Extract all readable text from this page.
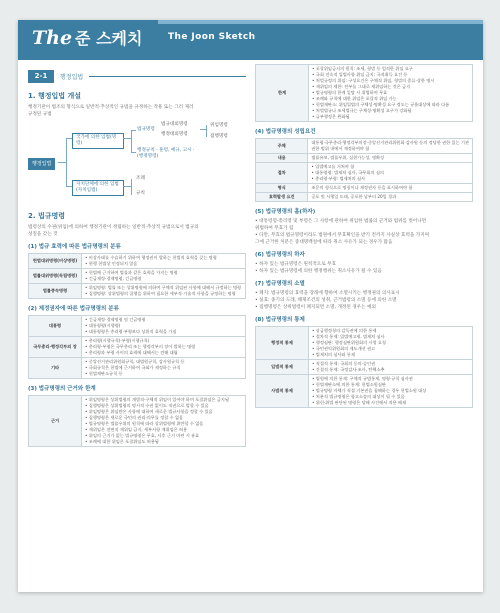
The 준 스케치	The Joon Sketch
2-1	행정입법
1. 행정입법 개설
행정기관이 법조의 형식으로 일반적·추상적인 규범을 규정하는 작용 또는 그러 제러
규정된 규범
행정입법
국가에 의한 입법(명령)
자치단체에 의한 입법(자치입법)
법규명령
행정규칙 · 훈령, 예규, 고시 · (행정명령)
법규대외명령
행정대외명령
위임명령
집행명령
조례
규칙
2. 법규명령
법령상의 수권(위임)에 의하여 행정기관이 정립하는 일반적·추상적 규범으로서 법규의
성질을 갖는 것
(1) 법규 효력에 따른 법규명령의 분류
헌법대위명령(비상명령)	• 비상사태를 수습하기 위하여 행정권이 발하는 헌법적 효력을 갖는 명령
• 현행 헌법상 인정되지 않음

법률대위명령(독립명령)	• 헌법에 근거하여 법률과 같은 효력을 가지는 명령
• 긴급재정·경제명령, 긴급명령

법률종속명령	• 위임명령: 법률 또는 상위명령에 의하여 구체적 위임된 사항에 대해서 규정하는 명령
• 집행명령: 상위법령의 집행을 위하여 필요한 세부적·기술적 사항을 규정하는 명령
(2) 제정권자에 따른 법규명령의 분류
대통령	• 긴급재정·경제명령 및 긴급명령
• 대통령령(시행령)
• 대통령령은 총리령·부령보다 상위적 효력을 가짐

국무총리·행정각부의 장	• 총리령(시행규칙)·부령(시행규칙)
• 총리령·부령은 국무총리 또는 행정각부의 장이 발하는 명령
• 총리령과 부령 사이의 효력에 대해서는 견해 대립

기타	• 중앙선거관리위원회규칙, 대법원규칙, 감사원규칙 등
• 국회규칙은 헌법에 근거하여 국회가 제정하는 규칙
• 헌법재판소규칙 등
(3) 법규명령의 근거와 한계
근거	
• 위임명령은 상위법령의 개별적·구체적 위임이 있어야 하며 포괄위임은 금지됨
• 집행명령은 상위법령의 명시적 수권 없이도 직권으로 발할 수 있음
• 위임명령은 위임받은 사항에 대하여 새로운 법규사항을 정할 수 있음
• 집행명령은 새로운 국민의 권리·의무를 정할 수 없음
• 법규명령은 법률우위의 원칙에 따라 상위법령에 위반할 수 없음
• 재위임은 전면적 재위임 금지, 세부사항 재위임은 허용
• 위임의 근거가 없는 법규명령은 무효, 사후 근거 마련 시 유효
• 조례에 대한 위임은 포괄위임도 허용됨
한계	
• 포괄위임금지의 원칙: 조세, 형벌 등 엄격한 위임 요구
• 국회 전속적 입법사항 위임 금지: 국적취득 요건 등
• 처벌규정의 위임: 구성요건은 구체적 위임, 형벌의 종류·상한 명시
• 재위임의 제한: 전부를 그대로 재위임하는 것은 금지
• 법규명령의 한계 일탈 시 위법하여 무효
• 조례와 규칙에 대한 위임은 포괄적 위임 가능
• 헌법재판소: 위임입법의 구체성·명확성 요구 정도는 규율대상에 따라 다름
• 처벌법규나 조세법규는 구체성·명확성 요구가 강화됨
• 급부행정은 완화됨
(4) 법규명령의 성립요건
주체	대통령·국무총리·행정각부의장·중앙선거관리위원회·감사원 등의 정당한 권한 있는 기관
권한 범위 내에서 제정하여야 함

내용	법률유보, 법률우위, 실현가능성, 명확성

절차	• 입법예고를 거쳐야 함
• 대통령령: 법제처 심사, 국무회의 심의
• 총리령·부령: 법제처의 심사

형식	조문의 형식으로 명칭이나 제정권자 등을 표시하여야 함

효력발생 요건	공포 및 시행일 도래, 공포한 날부터 20일 경과
(5) 법규명령의 흠(하자)
• 대통령령·총리령 및 부령은 그 사항에 관하여 위임한 법률의 근거와 범위를 벗어나면
위법하여 무효가 됨
• 다만, 무효의 법규명령이라도 법원에서 무효확인을 받기 전까지 사실상 효력을 가지며
그에 근거한 처분은 중대명백설에 따라 취소 사유가 되는 경우가 많음
(6) 법규명령의 하자
• 하자 있는 법규명령은 원칙적으로 무효
• 하자 있는 법규명령에 의한 행정행위는 취소사유가 될 수 있음
(7) 법규명령의 소멸
• 폐지: 법규명령의 효력을 장래에 향하여 소멸시키는 행정권의 의사표시
• 실효: 종기의 도래, 해제조건의 성취, 근거법령의 소멸 등에 의한 소멸
• 집행명령은 상위법령이 폐지되면 소멸, 개정된 경우는 예외
(8) 법규명령의 통제
행정적 통제	• 상급행정청의 감독권에 의한 통제
• 절차적 통제: 입법예고제, 법제처 심사
• 행정심판: 행정심판위원회의 시정 요청
• 국민권익위원회의 제도개선 권고
• 법제처의 심사와 통제

입법적 통제	• 직접적 통제: 국회의 동의·승인권
• 간접적 통제: 국정감사·조사, 탄핵소추

사법적 통제	• 법원에 의한 통제: 구체적 규범통제, 명령·규칙 심사권
• 헌법재판소에 의한 통제: 헌법소원심판
• 법규명령 자체가 직접 기본권을 침해하는 경우 헌법소원 대상
• 처분적 법규명령은 항고소송의 대상이 될 수 있음
• 위헌·위법 판단된 명령은 당해 사건에서 적용 배제
